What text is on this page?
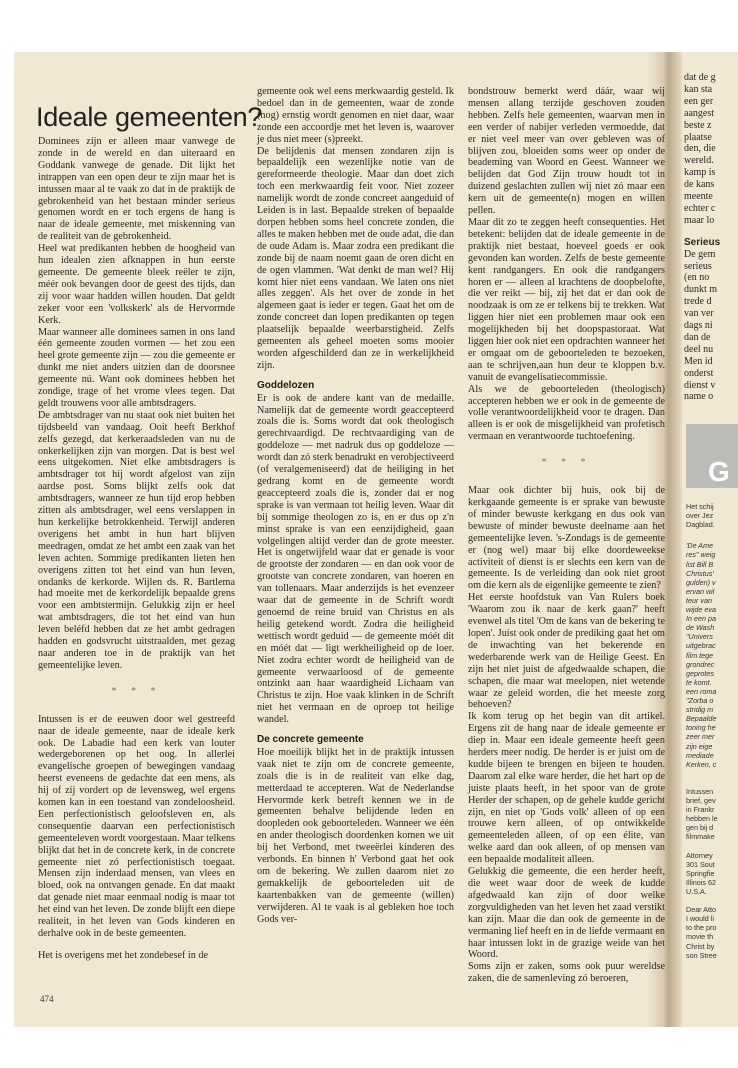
Ideale gemeenten?

Dominees zijn er alleen maar vanwege de zonde in de wereld en dan uiteraard en Goddank vanwege de genade. Dit lijkt het intrappen van een open deur te zijn maar het is intussen maar al te vaak zo dat in de praktijk de gebrokenheid van het bestaan minder serieus genomen wordt en er toch ergens de hang is naar de ideale gemeente, met miskenning van de realiteit van de gebrokenheid.

Heel wat predikanten hebben de hoogheid van hun idealen zien afknappen in hun eerste gemeente. De gemeente bleek reëler te zijn, méér ook bevangen door de geest des tijds, dan zij voor waar hadden willen houden. Dat geldt zeker voor een 'volkskerk' als de Hervormde Kerk.

Maar wanneer alle dominees samen in ons land één gemeente zouden vormen — het zou een heel grote gemeente zijn — zou die gemeente er dunkt me niet anders uitzien dan de doorsnee gemeente nú. Want ook dominees hebben het zondige, trage of het vrome vlees tegen. Dat geldt trouwens voor alle ambtsdragers.

De ambtsdrager van nu staat ook niet buiten het tijdsbeeld van vandaag. Ooit heeft Berkhof zelfs gezegd, dat kerkeraadsleden van nu de onkerkelijken zijn van morgen. Dat is best wel eens uitgekomen. Niet elke ambtsdragers is ambtsdrager tot hij wordt afgelost van zijn aardse post. Soms blijkt zelfs ook dat ambtsdragers, wanneer ze hun tijd erop hebben zitten als ambtsdrager, wel eens verslappen in hun kerkelijke betrokkenheid. Terwijl anderen overigens het ambt in hun hart blijven meedragen, omdat ze het ambt een zaak van het leven achten. Sommige predikanten lieten hen overigens zitten tot het eind van hun leven, ondanks de kerkorde. Wijlen ds. R. Bartlema had moeite met de kerkordelijk bepaalde grens voor een ambtstermijn. Gelukkig zijn er heel wat ambtsdragers, die tot het eind van hun leven beléfd hebben dat ze het ambt gedragen hadden en godsvrucht uitstraalden, met gezag naar anderen toe in de praktijk van het gemeentelijke leven.

* * *

Intussen is er de eeuwen door wel gestreefd naar de ideale gemeente, naar de ideale kerk ook. De Labadie had een kerk van louter wedergeborenen op het oog. In allerlei evangelische groepen of bewegingen vandaag heerst eveneens de gedachte dat een mens, als hij of zij vordert op de levensweg, wel ergens komen kan in een toestand van zondeloosheid. Een perfectionistisch geloofsleven en, als consequentie daarvan een perfectionistisch gemeenteleven wordt voorgestaan. Maar telkens blijkt dat het in de concrete kerk, in de concrete gemeente niet zó perfectionistisch toegaat. Mensen zijn inderdaad mensen, van vlees en bloed, ook na ontvangen genade. En dat maakt dat genade niet maar eenmaal nodig is maar tot het eind van het leven. De zonde blijft een diepe realiteit, in het leven van Gods kinderen en derhalve ook in de beste gemeenten.

Het is overigens met het zondebesef in de

gemeente ook wel eens merkwaardig gesteld. Ik bedoel dan in de gemeenten, waar de zonde (nog) ernstig wordt genomen en niet daar, waar zonde een accoordje met het leven is, waarover je dus niet meer (s)preekt.

De belijdenis dat mensen zondaren zijn is bepaaldelijk een wezenlijke notie van de gereformeerde theologie. Maar dan doet zich toch een merkwaardig feit voor. Niet zozeer namelijk wordt de zonde concreet aangeduid of Leiden is in last. Bepaalde streken of bepaalde dorpen hebben soms heel concrete zonden, die alles te maken hebben met de oude adat, die dan de oude Adam is. Maar zodra een predikant die zonde bij de naam noemt gaan de oren dicht en de ogen vlammen. 'Wat denkt de man wel? Hij komt hier niet eens vandaan. We laten ons niet alles zeggen'. Als het over de zonde in het algemeen gaat is ieder er tegen. Gaat het om de zonde concreet dan lopen predikanten op tegen plaatselijk bepaalde weerbarstigheid. Zelfs gemeenten als geheel moeten soms mooier worden afgeschilderd dan ze in werkelijkheid zijn.

Goddelozen

Er is ook de andere kant van de medaille. Namelijk dat de gemeente wordt geaccepteerd zoals die is. Soms wordt dat ook theologisch gerechtvaardigd. De rechtvaardiging van de goddeloze — met nadruk dus op goddeloze — wordt dan zó sterk benadrukt en verobjectiveerd (of veralgemeniseerd) dat de heiliging in het gedrang komt en de gemeente wordt geaccepteerd zoals die is, zonder dat er nog sprake is van vermaan tot heilig leven. Waar dit bij sommige theologen zo is, en er dus op z'n minst sprake is van een eenzijdigheid, gaan volgelingen altijd verder dan de grote meester. Het is ongetwijfeld waar dat er genade is voor de grootste der zondaren — en dan ook voor de grootste van concrete zondaren, van hoeren en van tollenaars. Maar anderzijds is het evenzeer waar dat de gemeente in de Schrift wordt genoemd de reine bruid van Christus en als heilig getekend wordt. Zodra die heiligheid wettisch wordt geduid — de gemeente móét dit en móét dat — ligt werkheiligheid op de loer. Niet zodra echter wordt de heiligheid van de gemeente verwaarloosd of de gemeente ontzinkt aan haar waardigheid Lichaam van Christus te zijn. Hoe vaak klinken in de Schrift niet het vermaan en de oproep tot heilige wandel.

De concrete gemeente

Hoe moeilijk blijkt het in de praktijk intussen vaak niet te zijn om de concrete gemeente, zoals die is in de realiteit van elke dag, metterdaad te accepteren. Wat de Nederlandse Hervormde kerk betreft kennen we in de gemeenten behalve belijdende leden en doopleden ook geboorteleden. Wanneer we één en ander theologisch doordenken komen we uit bij het Verbond, met tweeërlei kinderen des verbonds. En binnen h' Verbond gaat het ook om de bekering. We zullen daarom niet zo gemakkelijk de geboorteleden uit de kaartenbakken van de gemeente (willen) verwijderen. Al te vaak is al gebleken hoe toch Gods ver-

bondstrouw bemerkt werd dáár, waar wij mensen allang terzijde geschoven zouden hebben. Zelfs hele gemeenten, waarvan men in een verder of nabijer verleden vermoedde, dat er niet veel meer van over gebleven was of blijven zou, bloeiden soms weer op onder de beademing van Woord en Geest. Wanneer we belijden dat God Zijn trouw houdt tot in duizend geslachten zullen wij niet zó maar een kern uit de gemeente(n) mogen en willen pellen.

Maar dit zo te zeggen heeft consequenties. Het betekent: belijden dat de ideale gemeente in de praktijk niet bestaat, hoeveel goeds er ook gevonden kan worden. Zelfs de beste gemeente kent randgangers. En ook die randgangers horen er — alleen al krachtens de doopbelofte, die ver reikt — bij, zij het dat er dan ook de noodzaak is om ze er telkens bij te trekken. Wat liggen hier niet een problemen maar ook een mogelijkheden bij het doopspastoraat. Wat liggen hier ook niet een opdrachten wanneer het er omgaat om de geboorteleden te bezoeken, aan te schrijven,aan hun deur te kloppen b.v. vanuit de evangelisatiecommissie.

Als we de geboorteleden (theologisch) accepteren hebben we er ook in de gemeente de volle verantwoordelijkheid voor te dragen. Dan alleen is er ook de misgelijkheid van profetisch vermaan en verantwoorde tuchtoefening.

* * *

Maar ook dichter bij huis, ook bij de kerkgaande gemeente is er sprake van bewuste of minder bewuste kerkgang en dus ook van bewuste of minder bewuste deelname aan het gemeentelijke leven. 's-Zondags is de gemeente er (nog wel) maar bij elke doordeweekse activiteit of dienst is er slechts een kern van de gemeente. Is de verleiding dan ook niet groot om die kern als de eigenlijke gemeente te zien?

Het eerste hoofdstuk van Van Rulers boek 'Waarom zou ik naar de kerk gaan?' heeft evenwel als titel 'Om de kans van de bekering te lopen'. Juist ook onder de prediking gaat het om de inwachting van het bekerende en wederbarende werk van de Heilige Geest. En zijn het niet juist de afgedwaalde schapen, die schapen, die maar wat meelopen, niet wetende waar ze geleid worden, die het meeste zorg behoeven?

Ik kom terug op het begin van dit artikel. Ergens zit de hang naar de ideale gemeente er diep in. Maar een ideale gemeente heeft geen herders meer nodig. De herder is er juist om de kudde bijeen te brengen en bijeen te houden. Daarom zal elke ware herder, die het hart op de juiste plaats heeft, in het spoor van de grote Herder der schapen, op de gehele kudde gericht zijn, en niet op 'Gods volk' alleen of op een trouwe kern alleen, of op ontwikkelde gemeenteleden alleen, of op een élite, van welke aard dan ook alleen, of op mensen van een bepaalde modaliteit alleen.

Gelukkig die gemeente, die een herder heeft, die weet waar door de week de kudde afgedwaald kan zijn of door welke zorgvuldigheden van het leven het zaad verstikt kan zijn. Maar die dan ook de gemeente in de vermaning lief heeft en in de liefde vermaant en haar intussen lokt in de grazige weide van het Woord.

Soms zijn er zaken, soms ook puur wereldse zaken, die de samenleving zó beroeren,

474
dat de g
kan sta
een ger
aangest
beste z
plaatse
den, die
wereld.
kamp is
de kans
meente
echter c
maar lo
Serieus
De gem
serieus
(en no
dunkt m
trede d
van ver
dags ni
dan de
deel nu
Men id
onderst
dienst v
name o
G
Het schij
over Jez
Dagblad.
'De Ame
res" weig
list Bill B
Christus'
gulden) v
ervan wil
teur van
wijde eva
In een pa
de Wash
"Univers
uitgebrac
film tege
grondrec
geprotes
te komt.
een roma
"Zorba o
stridig m
Bepaalde
toning he
zeer mer
zijn eige
mediade
Kerken, c
Intussen
brief, gev
in Frankr
hebben le
gen bij d
filmmake
Attorney
301 Sout
Springfie
Illinois 62
U.S.A.
Dear Atto
I would li
to the pro
movie th
Christ by
son Stree
